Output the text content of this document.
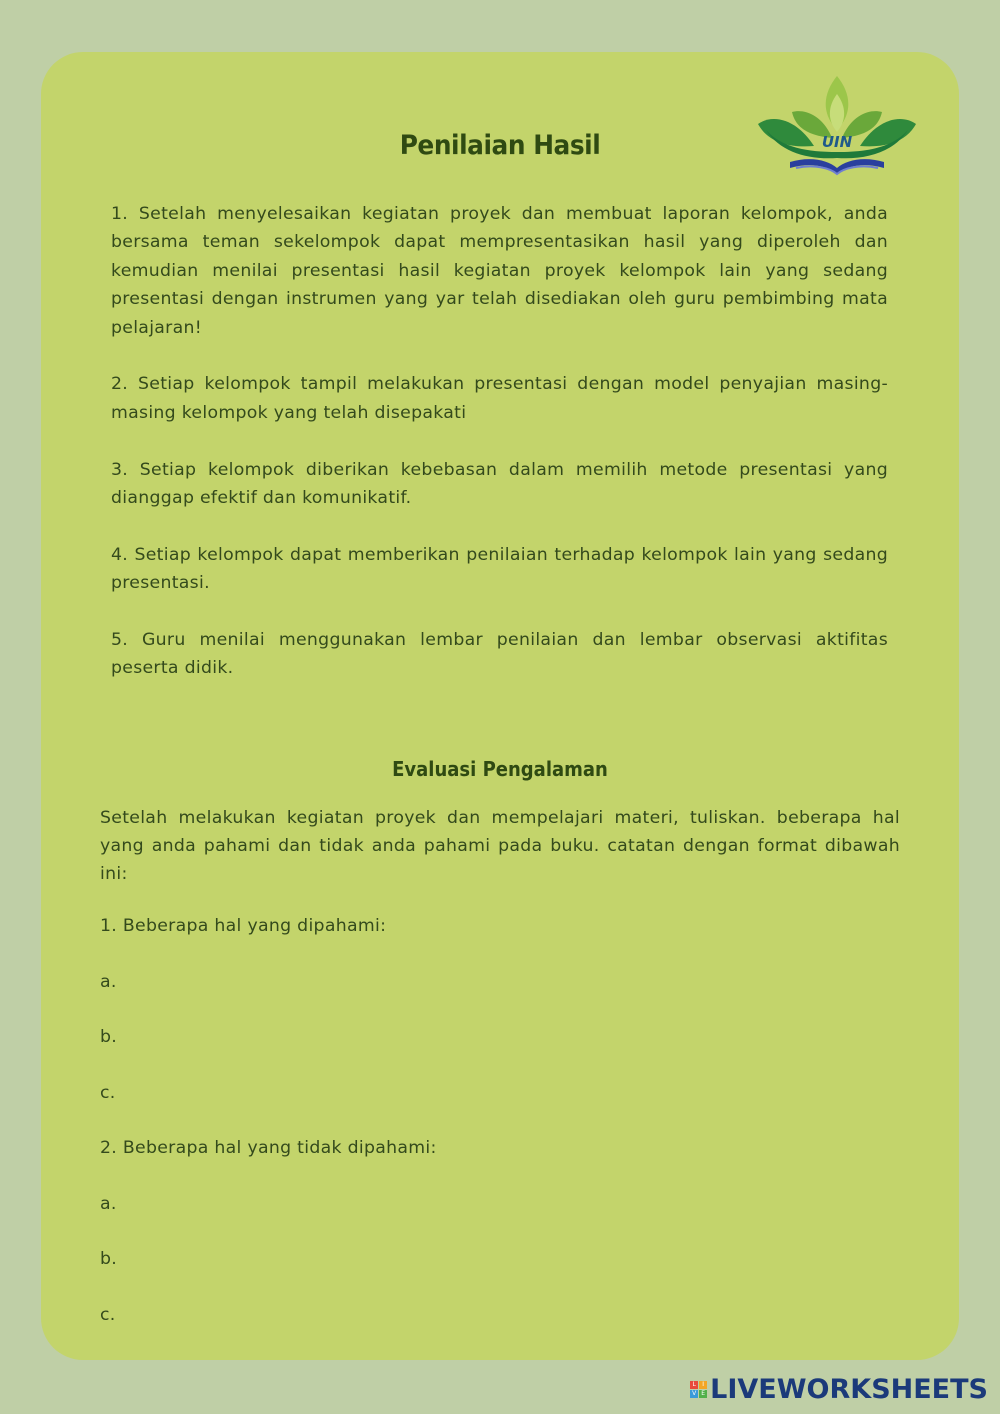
UIN
Penilaian Hasil

1. Setelah menyelesaikan kegiatan proyek dan membuat laporan kelompok, anda bersama teman sekelompok dapat mempresentasikan hasil yang diperoleh dan kemudian menilai presentasi hasil kegiatan proyek kelompok lain yang sedang presentasi dengan instrumen yang yar telah disediakan oleh guru pembimbing mata pelajaran!

2. Setiap kelompok tampil melakukan presentasi dengan model penyajian masing-masing kelompok yang telah disepakati

3. Setiap kelompok diberikan kebebasan dalam memilih metode presentasi yang dianggap efektif dan komunikatif.

4. Setiap kelompok dapat memberikan penilaian terhadap kelompok lain yang sedang presentasi.

5. Guru menilai menggunakan lembar penilaian dan lembar observasi aktifitas peserta didik.

Evaluasi Pengalaman

Setelah melakukan kegiatan proyek dan mempelajari materi, tuliskan. beberapa hal yang anda pahami dan tidak anda pahami pada buku. catatan dengan format dibawah ini:

1. Beberapa hal yang dipahami:
a.
b.
c.
2. Beberapa hal yang tidak dipahami:
a.
b.
c.
L	I
V E LIVEWORKSHEETS
